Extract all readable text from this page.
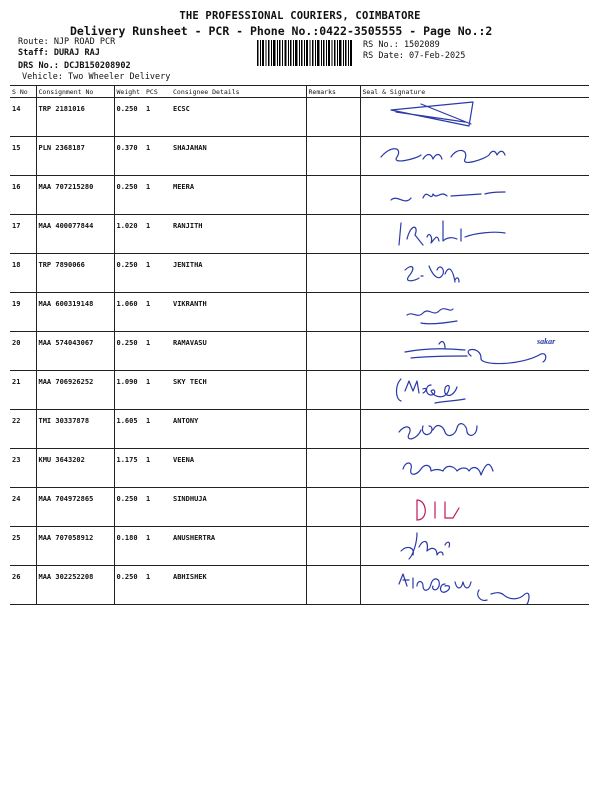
THE PROFESSIONAL COURIERS, COIMBATORE
Delivery Runsheet - PCR - Phone No.:0422-3505555 - Page No.:2
Route: NJP ROAD PCR
Staff: DURAJ RAJ
DRS No.: DCJB150208902
Vehicle: Two Wheeler Delivery
RS No.: 1502089
RS Date: 07-Feb-2025
S No	Consignment No	Weight	PCS	Consignee Details	Remarks	Seal & Signature
14	TRP 2181016	0.250	1	ECSC		

15	PLN 2368187	0.370	1	SHAJAHAN		

16	MAA 707215280	0.250	1	MEERA		

17	MAA 400077844	1.020	1	RANJITH		

18	TRP 7890066	0.250	1	JENITHA		

19	MAA 600319148	1.060	1	VIKRANTH		

20	MAA 574043067	0.250	1	RAMAVASU		sakar

21	MAA 706926252	1.090	1	SKY TECH		

22	TMI 30337878	1.605	1	ANTONY		

23	KMU 3643202	1.175	1	VEENA		

24	MAA 704972865	0.250	1	SINDHUJA		

25	MAA 707058912	0.180	1	ANUSHERTRA		

26	MAA 302252208	0.250	1	ABHISHEK		
